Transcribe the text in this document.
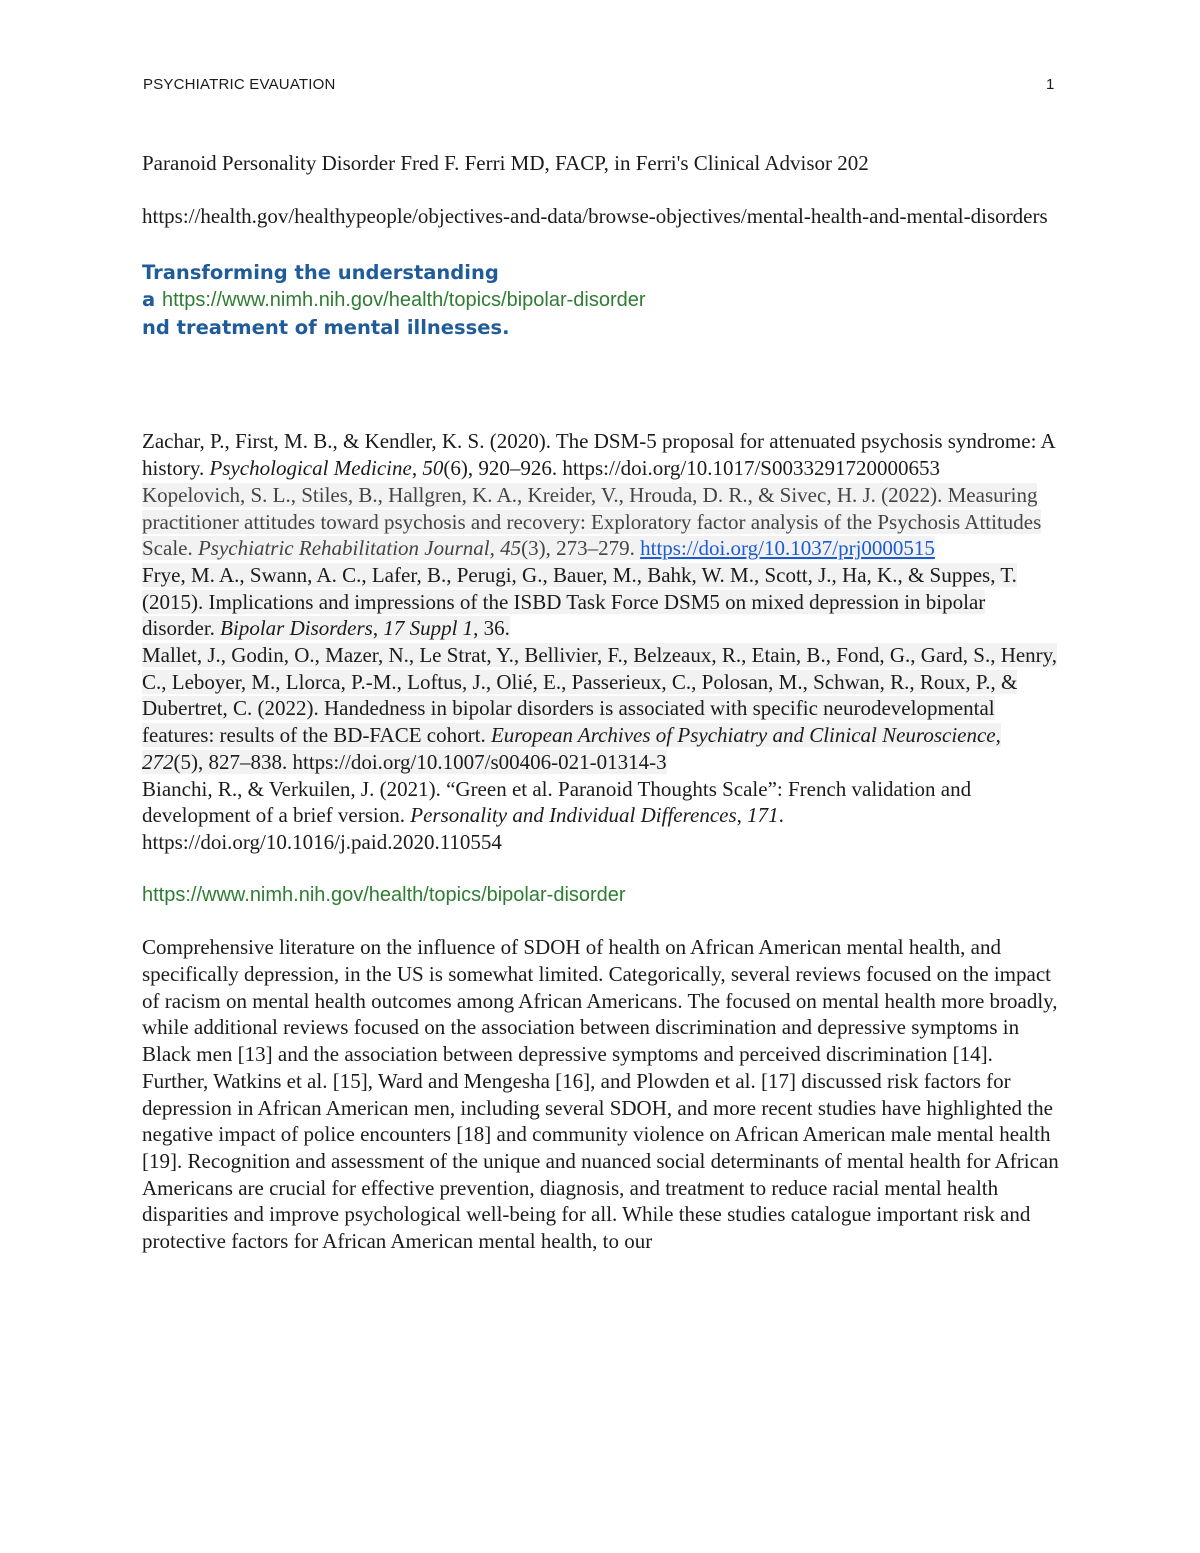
PSYCHIATRIC EVAUATION	1

Paranoid Personality Disorder Fred F. Ferri MD, FACP, in Ferri's Clinical Advisor 202

https://health.gov/healthypeople/objectives-and-data/browse-objectives/mental-health-and-mental-disorders

Transforming the understanding

a https://www.nimh.nih.gov/health/topics/bipolar-disorder

nd treatment of mental illnesses.

Zachar, P., First, M. B., & Kendler, K. S. (2020). The DSM-5 proposal for attenuated psychosis syndrome: A history. Psychological Medicine, 50(6), 920–926. https://doi.org/10.1017/S0033291720000653

Kopelovich, S. L., Stiles, B., Hallgren, K. A., Kreider, V., Hrouda, D. R., & Sivec, H. J. (2022). Measuring practitioner attitudes toward psychosis and recovery: Exploratory factor analysis of the Psychosis Attitudes Scale. Psychiatric Rehabilitation Journal, 45(3), 273–279. https://doi.org/10.1037/prj0000515

Frye, M. A., Swann, A. C., Lafer, B., Perugi, G., Bauer, M., Bahk, W. M., Scott, J., Ha, K., & Suppes, T. (2015). Implications and impressions of the ISBD Task Force DSM5 on mixed depression in bipolar disorder. Bipolar Disorders, 17 Suppl 1, 36.

Mallet, J., Godin, O., Mazer, N., Le Strat, Y., Bellivier, F., Belzeaux, R., Etain, B., Fond, G., Gard, S., Henry, C., Leboyer, M., Llorca, P.-M., Loftus, J., Olié, E., Passerieux, C., Polosan, M., Schwan, R., Roux, P., & Dubertret, C. (2022). Handedness in bipolar disorders is associated with specific neurodevelopmental features: results of the BD-FACE cohort. European Archives of Psychiatry and Clinical Neuroscience, 272(5), 827–838. https://doi.org/10.1007/s00406-021-01314-3

Bianchi, R., & Verkuilen, J. (2021). “Green et al. Paranoid Thoughts Scale”: French validation and development of a brief version. Personality and Individual Differences, 171. https://doi.org/10.1016/j.paid.2020.110554

https://www.nimh.nih.gov/health/topics/bipolar-disorder

Comprehensive literature on the influence of SDOH of health on African American mental health, and specifically depression, in the US is somewhat limited. Categorically, several reviews focused on the impact of racism on mental health outcomes among African Americans. The focused on mental health more broadly, while additional reviews focused on the association between discrimination and depressive symptoms in Black men [13] and the association between depressive symptoms and perceived discrimination [14]. Further, Watkins et al. [15], Ward and Mengesha [16], and Plowden et al. [17] discussed risk factors for depression in African American men, including several SDOH, and more recent studies have highlighted the negative impact of police encounters [18] and community violence on African American male mental health [19]. Recognition and assessment of the unique and nuanced social determinants of mental health for African Americans are crucial for effective prevention, diagnosis, and treatment to reduce racial mental health disparities and improve psychological well-being for all. While these studies catalogue important risk and protective factors for African American mental health, to our
